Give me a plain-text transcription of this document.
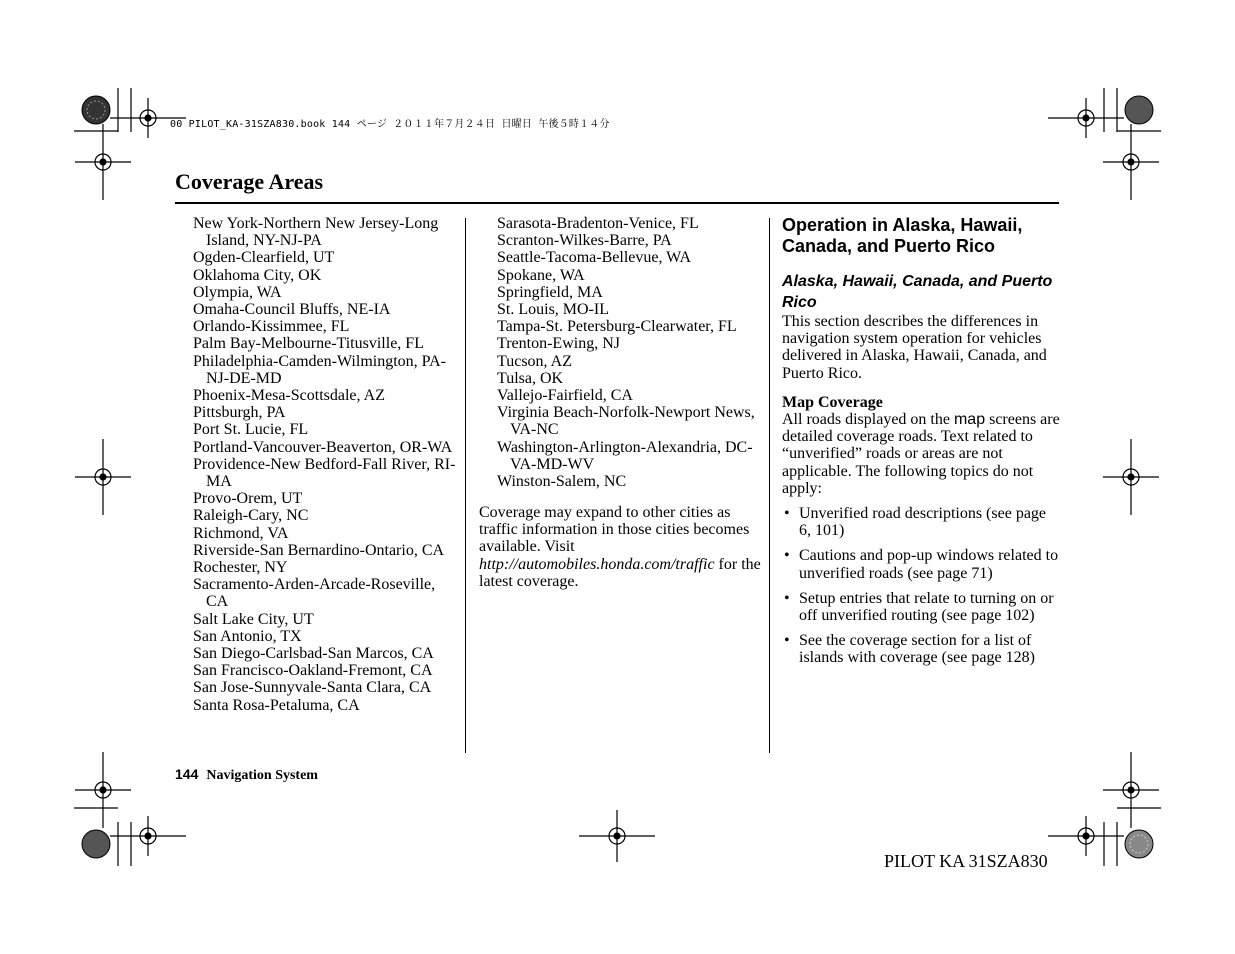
00 PILOT_KA-31SZA830.book 144 ページ ２０１１年７月２４日 日曜日 午後５時１４分
Coverage Areas
New York-Northern New Jersey-Long Island, NY-NJ-PA
Ogden-Clearfield, UT
Oklahoma City, OK
Olympia, WA
Omaha-Council Bluffs, NE-IA
Orlando-Kissimmee, FL
Palm Bay-Melbourne-Titusville, FL
Philadelphia-Camden-Wilmington, PA-NJ-DE-MD
Phoenix-Mesa-Scottsdale, AZ
Pittsburgh, PA
Port St. Lucie, FL
Portland-Vancouver-Beaverton, OR-WA
Providence-New Bedford-Fall River, RI-MA
Provo-Orem, UT
Raleigh-Cary, NC
Richmond, VA
Riverside-San Bernardino-Ontario, CA
Rochester, NY
Sacramento-Arden-Arcade-Roseville, CA
Salt Lake City, UT
San Antonio, TX
San Diego-Carlsbad-San Marcos, CA
San Francisco-Oakland-Fremont, CA
San Jose-Sunnyvale-Santa Clara, CA
Santa Rosa-Petaluma, CA
Sarasota-Bradenton-Venice, FL
Scranton-Wilkes-Barre, PA
Seattle-Tacoma-Bellevue, WA
Spokane, WA
Springfield, MA
St. Louis, MO-IL
Tampa-St. Petersburg-Clearwater, FL
Trenton-Ewing, NJ
Tucson, AZ
Tulsa, OK
Vallejo-Fairfield, CA
Virginia Beach-Norfolk-Newport News, VA-NC
Washington-Arlington-Alexandria, DC-VA-MD-WV
Winston-Salem, NC
Coverage may expand to other cities as traffic information in those cities becomes available. Visit http://automobiles.honda.com/traffic for the latest coverage.
Operation in Alaska, Hawaii, Canada, and Puerto Rico
Alaska, Hawaii, Canada, and Puerto Rico

This section describes the differences in navigation system operation for vehicles delivered in Alaska, Hawaii, Canada, and Puerto Rico.

Map Coverage

All roads displayed on the map screens are detailed coverage roads. Text related to “unverified” roads or areas are not applicable. The following topics do not apply:

• Unverified road descriptions (see page 6, 101)
• Cautions and pop-up windows related to unverified roads (see page 71)
• Setup entries that relate to turning on or off unverified routing (see page 102)
• See the coverage section for a list of islands with coverage (see page 128)
144 Navigation System
PILOT KA 31SZA830
